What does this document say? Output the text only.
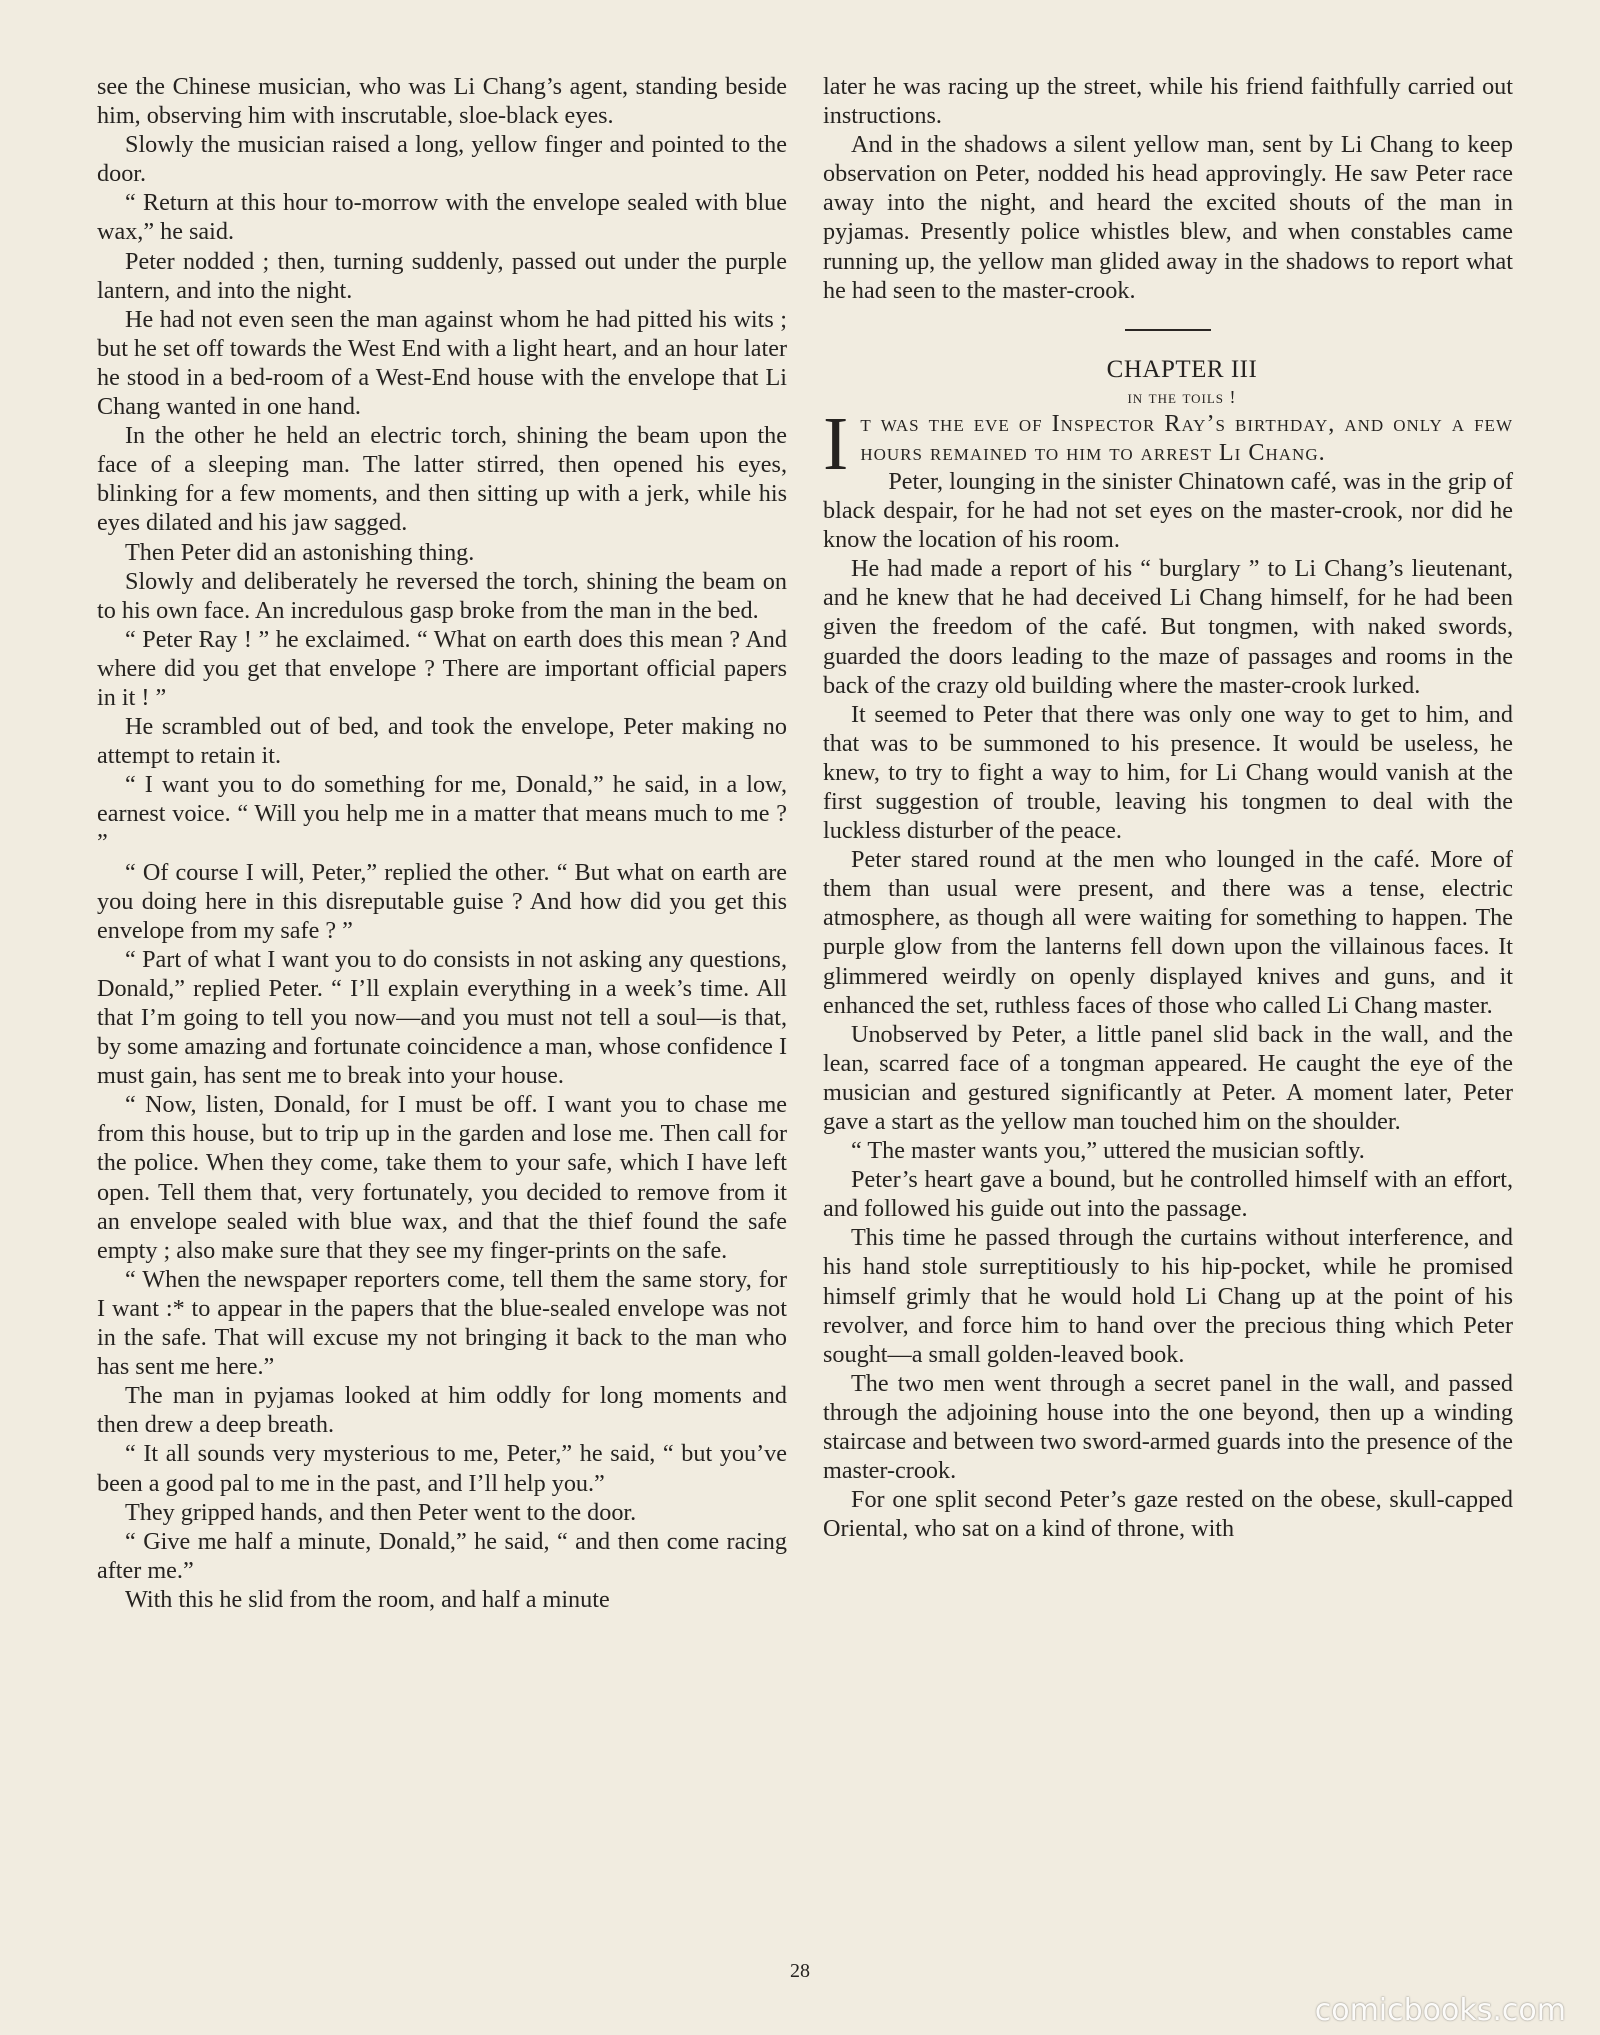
see the Chinese musician, who was Li Chang’s agent, standing beside him, observing him with inscrutable, sloe-black eyes.

Slowly the musician raised a long, yellow finger and pointed to the door.

“ Return at this hour to-morrow with the envelope sealed with blue wax,” he said.

Peter nodded ; then, turning suddenly, passed out under the purple lantern, and into the night.

He had not even seen the man against whom he had pitted his wits ; but he set off towards the West End with a light heart, and an hour later he stood in a bed-room of a West-End house with the envelope that Li Chang wanted in one hand.

In the other he held an electric torch, shining the beam upon the face of a sleeping man. The latter stirred, then opened his eyes, blinking for a few moments, and then sitting up with a jerk, while his eyes dilated and his jaw sagged.

Then Peter did an astonishing thing.

Slowly and deliberately he reversed the torch, shining the beam on to his own face. An incredulous gasp broke from the man in the bed.

“ Peter Ray ! ” he exclaimed. “ What on earth does this mean ? And where did you get that envelope ? There are important official papers in it ! ”

He scrambled out of bed, and took the envelope, Peter making no attempt to retain it.

“ I want you to do something for me, Donald,” he said, in a low, earnest voice. “ Will you help me in a matter that means much to me ? ”

“ Of course I will, Peter,” replied the other. “ But what on earth are you doing here in this disreputable guise ? And how did you get this envelope from my safe ? ”

“ Part of what I want you to do consists in not asking any questions, Donald,” replied Peter. “ I’ll explain everything in a week’s time. All that I’m going to tell you now—and you must not tell a soul—is that, by some amazing and fortunate coincidence a man, whose confidence I must gain, has sent me to break into your house.

“ Now, listen, Donald, for I must be off. I want you to chase me from this house, but to trip up in the garden and lose me. Then call for the police. When they come, take them to your safe, which I have left open. Tell them that, very fortunately, you decided to remove from it an envelope sealed with blue wax, and that the thief found the safe empty ; also make sure that they see my finger-prints on the safe.

“ When the newspaper reporters come, tell them the same story, for I want :* to appear in the papers that the blue-sealed envelope was not in the safe. That will excuse my not bringing it back to the man who has sent me here.”

The man in pyjamas looked at him oddly for long moments and then drew a deep breath.

“ It all sounds very mysterious to me, Peter,” he said, “ but you’ve been a good pal to me in the past, and I’ll help you.”

They gripped hands, and then Peter went to the door.

“ Give me half a minute, Donald,” he said, “ and then come racing after me.”

With this he slid from the room, and half a minute

later he was racing up the street, while his friend faithfully carried out instructions.

And in the shadows a silent yellow man, sent by Li Chang to keep observation on Peter, nodded his head approvingly. He saw Peter race away into the night, and heard the excited shouts of the man in pyjamas. Presently police whistles blew, and when constables came running up, the yellow man glided away in the shadows to report what he had seen to the master-crook.

CHAPTER III

in the toils !

It was the eve of Inspector Ray’s birthday, and only a few hours remained to him to arrest Li Chang.

Peter, lounging in the sinister Chinatown café, was in the grip of black despair, for he had not set eyes on the master-crook, nor did he know the location of his room.

He had made a report of his “ burglary ” to Li Chang’s lieutenant, and he knew that he had deceived Li Chang himself, for he had been given the freedom of the café. But tongmen, with naked swords, guarded the doors leading to the maze of passages and rooms in the back of the crazy old building where the master-crook lurked.

It seemed to Peter that there was only one way to get to him, and that was to be summoned to his presence. It would be useless, he knew, to try to fight a way to him, for Li Chang would vanish at the first suggestion of trouble, leaving his tongmen to deal with the luckless disturber of the peace.

Peter stared round at the men who lounged in the café. More of them than usual were present, and there was a tense, electric atmosphere, as though all were waiting for something to happen. The purple glow from the lanterns fell down upon the villainous faces. It glimmered weirdly on openly displayed knives and guns, and it enhanced the set, ruthless faces of those who called Li Chang master.

Unobserved by Peter, a little panel slid back in the wall, and the lean, scarred face of a tongman appeared. He caught the eye of the musician and gestured significantly at Peter. A moment later, Peter gave a start as the yellow man touched him on the shoulder.

“ The master wants you,” uttered the musician softly.

Peter’s heart gave a bound, but he controlled himself with an effort, and followed his guide out into the passage.

This time he passed through the curtains without interference, and his hand stole surreptitiously to his hip-pocket, while he promised himself grimly that he would hold Li Chang up at the point of his revolver, and force him to hand over the precious thing which Peter sought—a small golden-leaved book.

The two men went through a secret panel in the wall, and passed through the adjoining house into the one beyond, then up a winding staircase and between two sword-armed guards into the presence of the master-crook.

For one split second Peter’s gaze rested on the obese, skull-capped Oriental, who sat on a kind of throne, with

28
comicbooks.com
